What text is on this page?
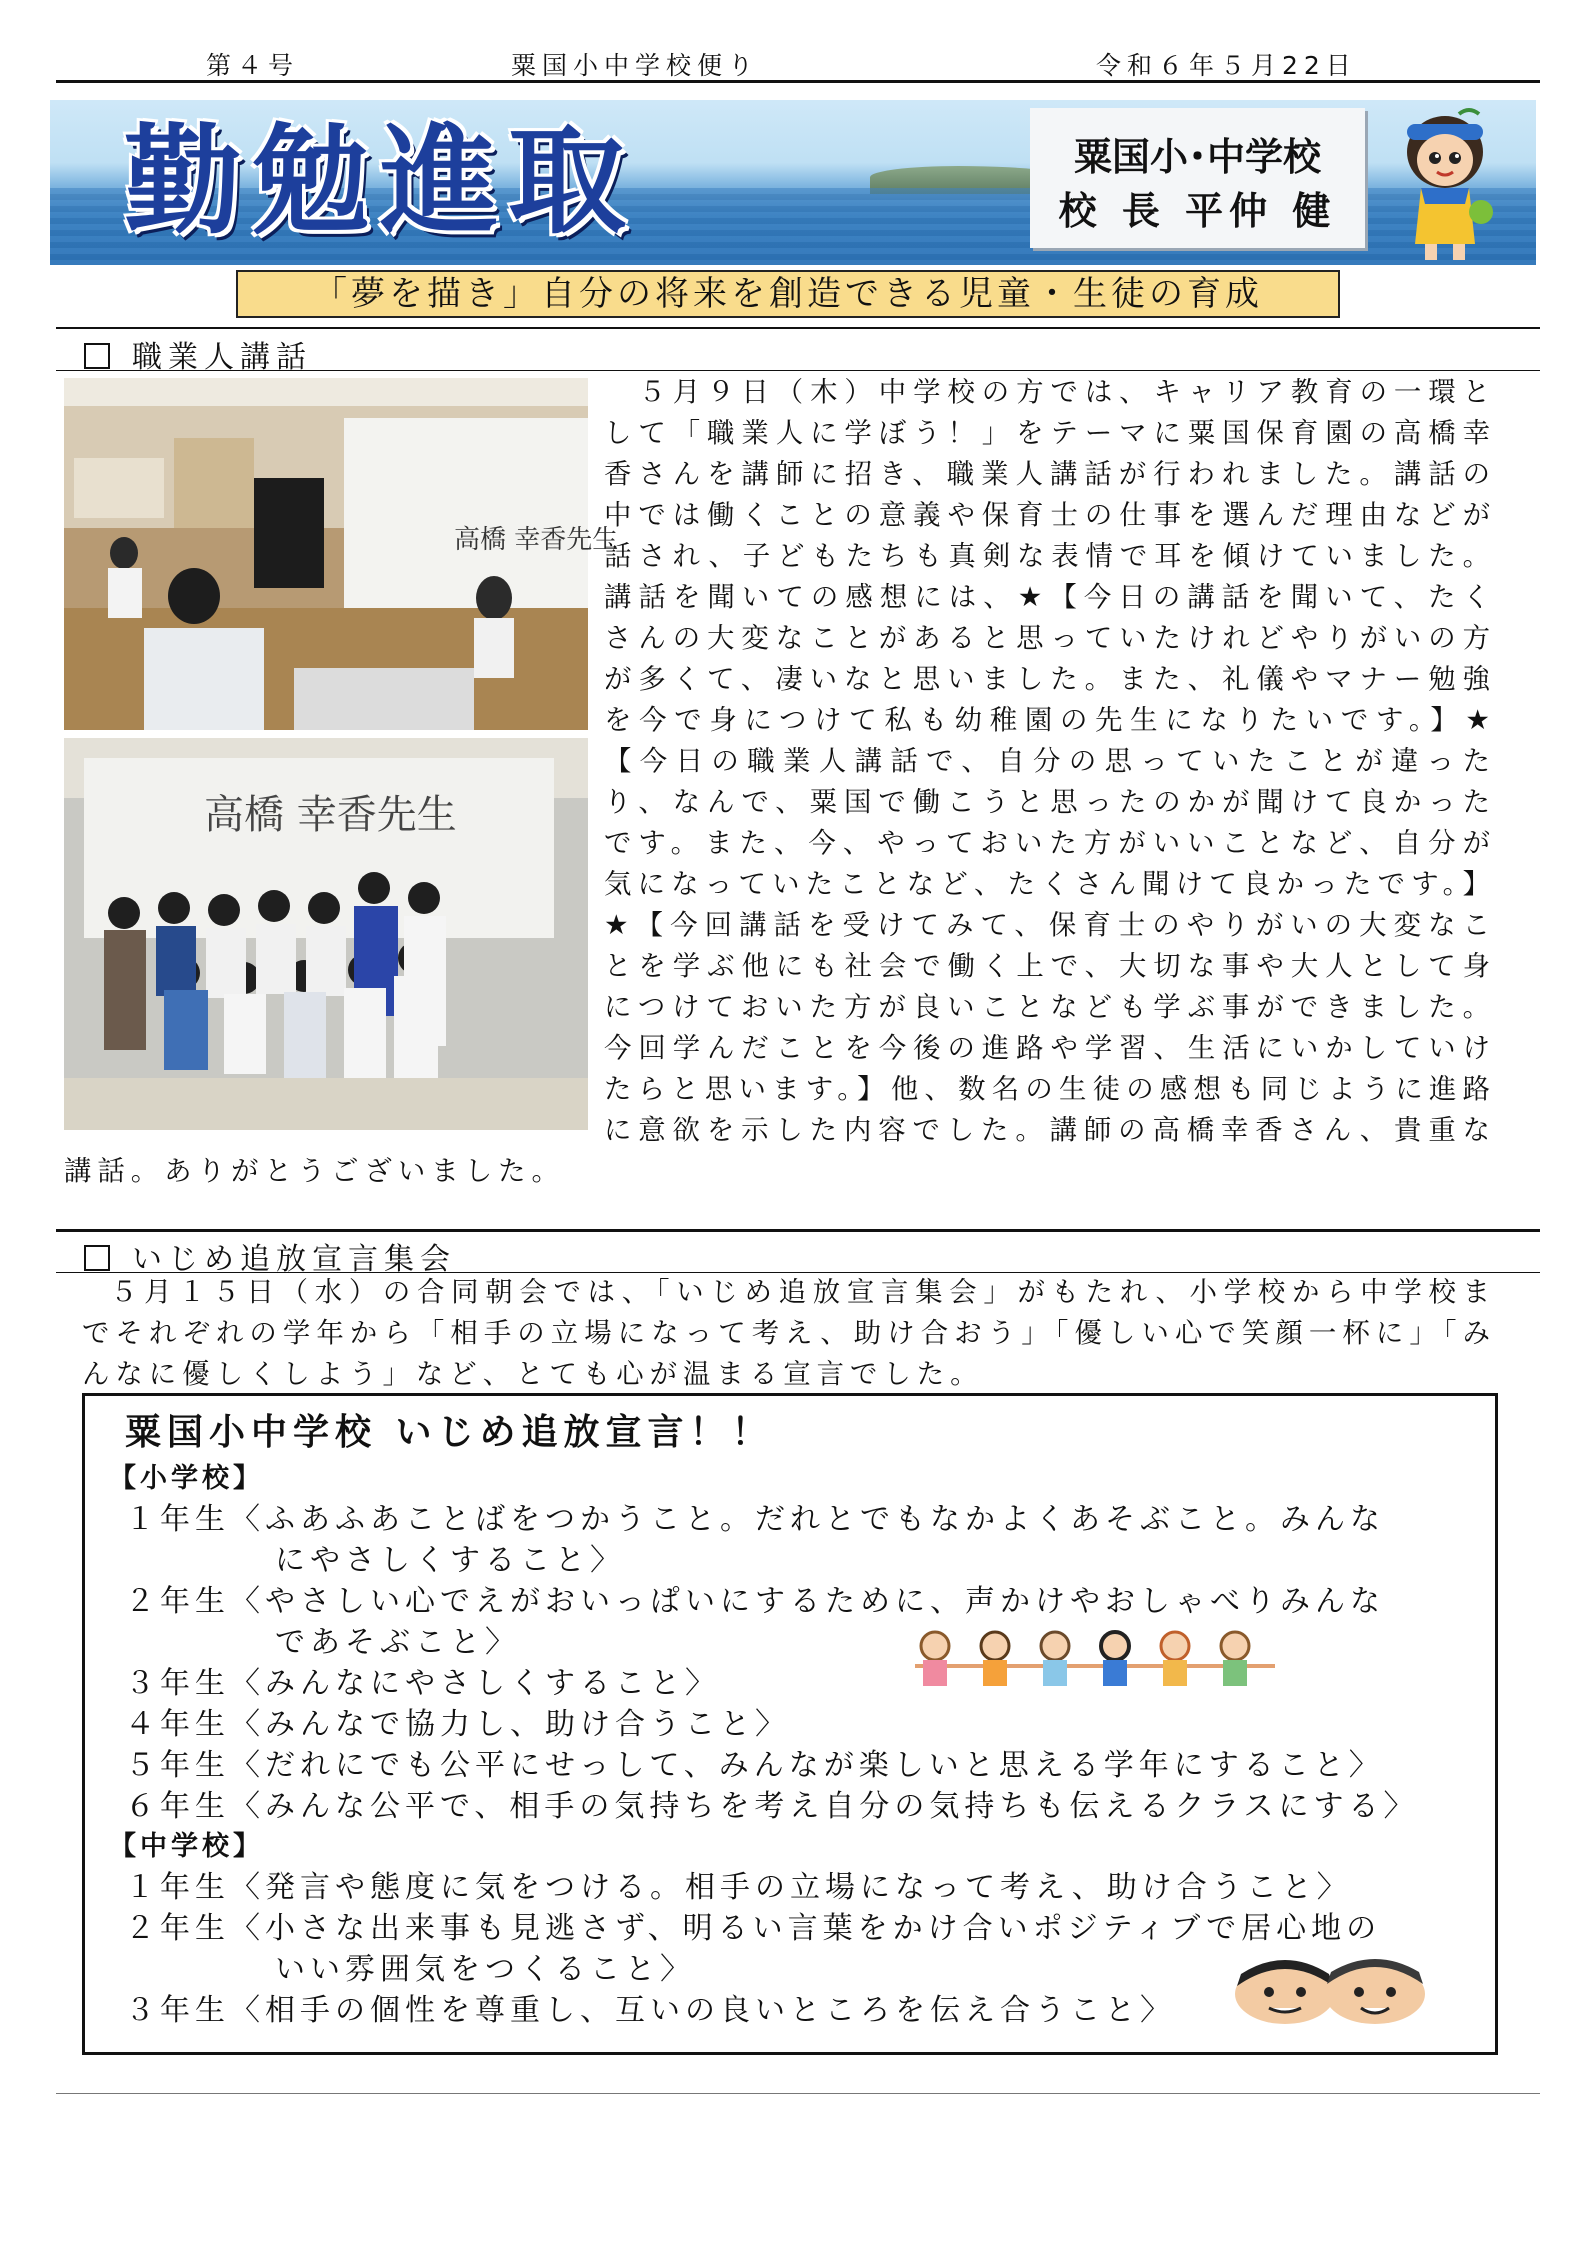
第４号	粟国小中学校便り	令和６年５月22日
勤勉進取	粟国小･中学校
校 長 平仲 健
「夢を描き」自分の将来を創造できる児童・生徒の育成
職業人講話
高橋 幸香先生
高橋 幸香先生

　５月９日（木）中学校の方では、キャリア教育の一環として「職業人に学ぼう！」をテーマに粟国保育園の高橋幸香さんを講師に招き、職業人講話が行われました。講話の中では働くことの意義や保育士の仕事を選んだ理由などが話され、子どもたちも真剣な表情で耳を傾けていました。講話を聞いての感想には、★【今日の講話を聞いて、たくさんの大変なことがあると思っていたけれどやりがいの方が多くて、凄いなと思いました。また、礼儀やマナー勉強を今で身につけて私も幼稚園の先生になりたいです。】★【今日の職業人講話で、自分の思っていたことが違ったり、なんで、粟国で働こうと思ったのかが聞けて良かったです。また、今、やっておいた方がいいことなど、自分が気になっていたことなど、たくさん聞けて良かったです。】★【今回講話を受けてみて、保育士のやりがいの大変なことを学ぶ他にも社会で働く上で、大切な事や大人として身につけておいた方が良いことなども学ぶ事ができました。今回学んだことを今後の進路や学習、生活にいかしていけたらと思います。】他、数名の生徒の感想も同じように進路に意欲を示した内容でした。講師の高橋幸香さん、貴重な講話。ありがとうございました。

いじめ追放宣言集会

５月１５日（水）の合同朝会では、「いじめ追放宣言集会」がもたれ、小学校から中学校までそれぞれの学年から「相手の立場になって考え、助け合おう」「優しい心で笑顔一杯に」「みんなに優しくしよう」など、とても心が温まる宣言でした。

粟国小中学校 いじめ追放宣言！！
【小学校】
１年生〈ふあふあことばをつかうこと。だれとでもなかよくあそぶこと。みんな
にやさしくすること〉
２年生〈やさしい心でえがおいっぱいにするために、声かけやおしゃべりみんな
であそぶこと〉
３年生〈みんなにやさしくすること〉
４年生〈みんなで協力し、助け合うこと〉
５年生〈だれにでも公平にせっして、みんなが楽しいと思える学年にすること〉
６年生〈みんな公平で、相手の気持ちを考え自分の気持ちも伝えるクラスにする〉
【中学校】
１年生〈発言や態度に気をつける。相手の立場になって考え、助け合うこと〉
２年生〈小さな出来事も見逃さず、明るい言葉をかけ合いポジティブで居心地の
いい雰囲気をつくること〉
３年生〈相手の個性を尊重し、互いの良いところを伝え合うこと〉
